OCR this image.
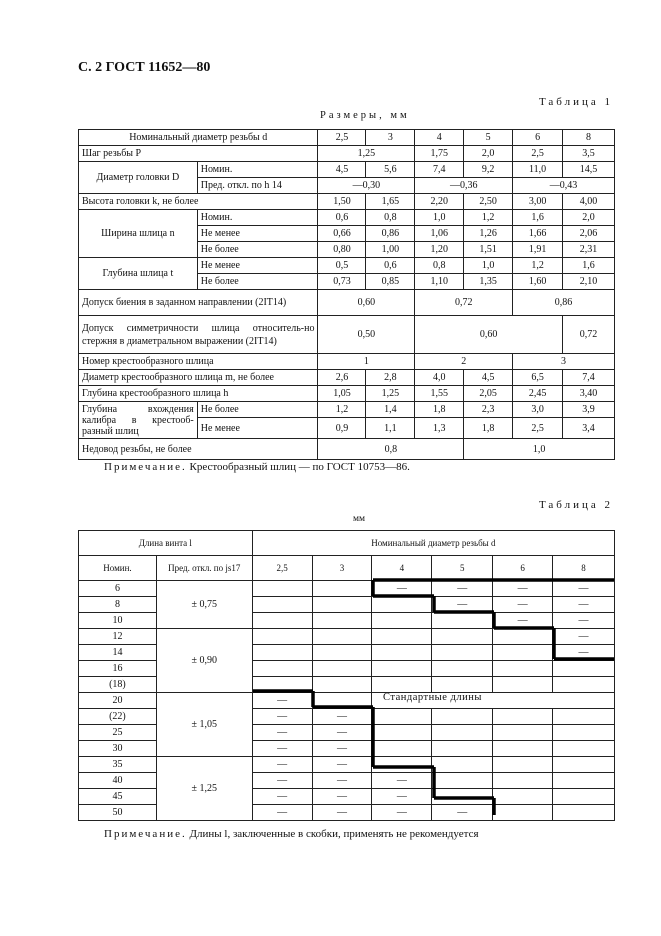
С. 2 ГОСТ 11652—80
Таблица 1
Размеры, мм
Номинальный диаметр резьбы d		2,5	3	4	5	6	8
Шаг резьбы P		1,25		1,75	2,0	2,5	3,5
Диаметр головки D	Номин.	4,5	5,6	7,4	9,2	11,0	14,5
	Пред. откл. по h 14	—0,30		—0,36		—0,43	
Высота головки k, не более		1,50	1,65	2,20	2,50	3,00	4,00
Ширина шлица n	Номин.	0,6	0,8	1,0	1,2	1,6	2,0
	Не менее	0,66	0,86	1,06	1,26	1,66	2,06
	Не более	0,80	1,00	1,20	1,51	1,91	2,31
Глубина шлица t	Не менее	0,5	0,6	0,8	1,0	1,2	1,6
	Не более	0,73	0,85	1,10	1,35	1,60	2,10
Допуск биения в заданном направлении (2IT14)		0,60		0,72		0,86	
Допуск симметричности шлица относитель-но стержня в диаметральном выражении (2IT14)		0,50		0,60			0,72
Номер крестообразного шлица		1		2		3	
Диаметр крестообразного шлица m, не более		2,6	2,8	4,0	4,5	6,5	7,4
Глубина крестообразного шлица h		1,05	1,25	1,55	2,05	2,45	3,40
Глубина вхождения калибра в крестооб-разный шлиц	Не более	1,2	1,4	1,8	2,3	3,0	3,9
	Не менее	0,9	1,1	1,3	1,8	2,5	3,4
Недовод резьбы, не более		0,8			1,0		
Примечание. Крестообразный шлиц — по ГОСТ 10753—86.
Таблица 2
мм
Длина винта l		Номинальный диаметр резьбы d					
Номин.	Пред. откл. по js17	2,5	3	4	5	6	8
6	± 0,75			—	—	—	—
8					—	—	—
10						—	—
12	± 0,90						—
14							—
16							
(18)							
20	± 1,05	—					
(22)		—	—				
25		—	—				
30		—	—				
35	± 1,25	—	—				
40		—	—	—			
45		—	—	—			
50		—	—	—	—		
Стандартные длины
Примечание. Длины l, заключенные в скобки, применять не рекомендуется
